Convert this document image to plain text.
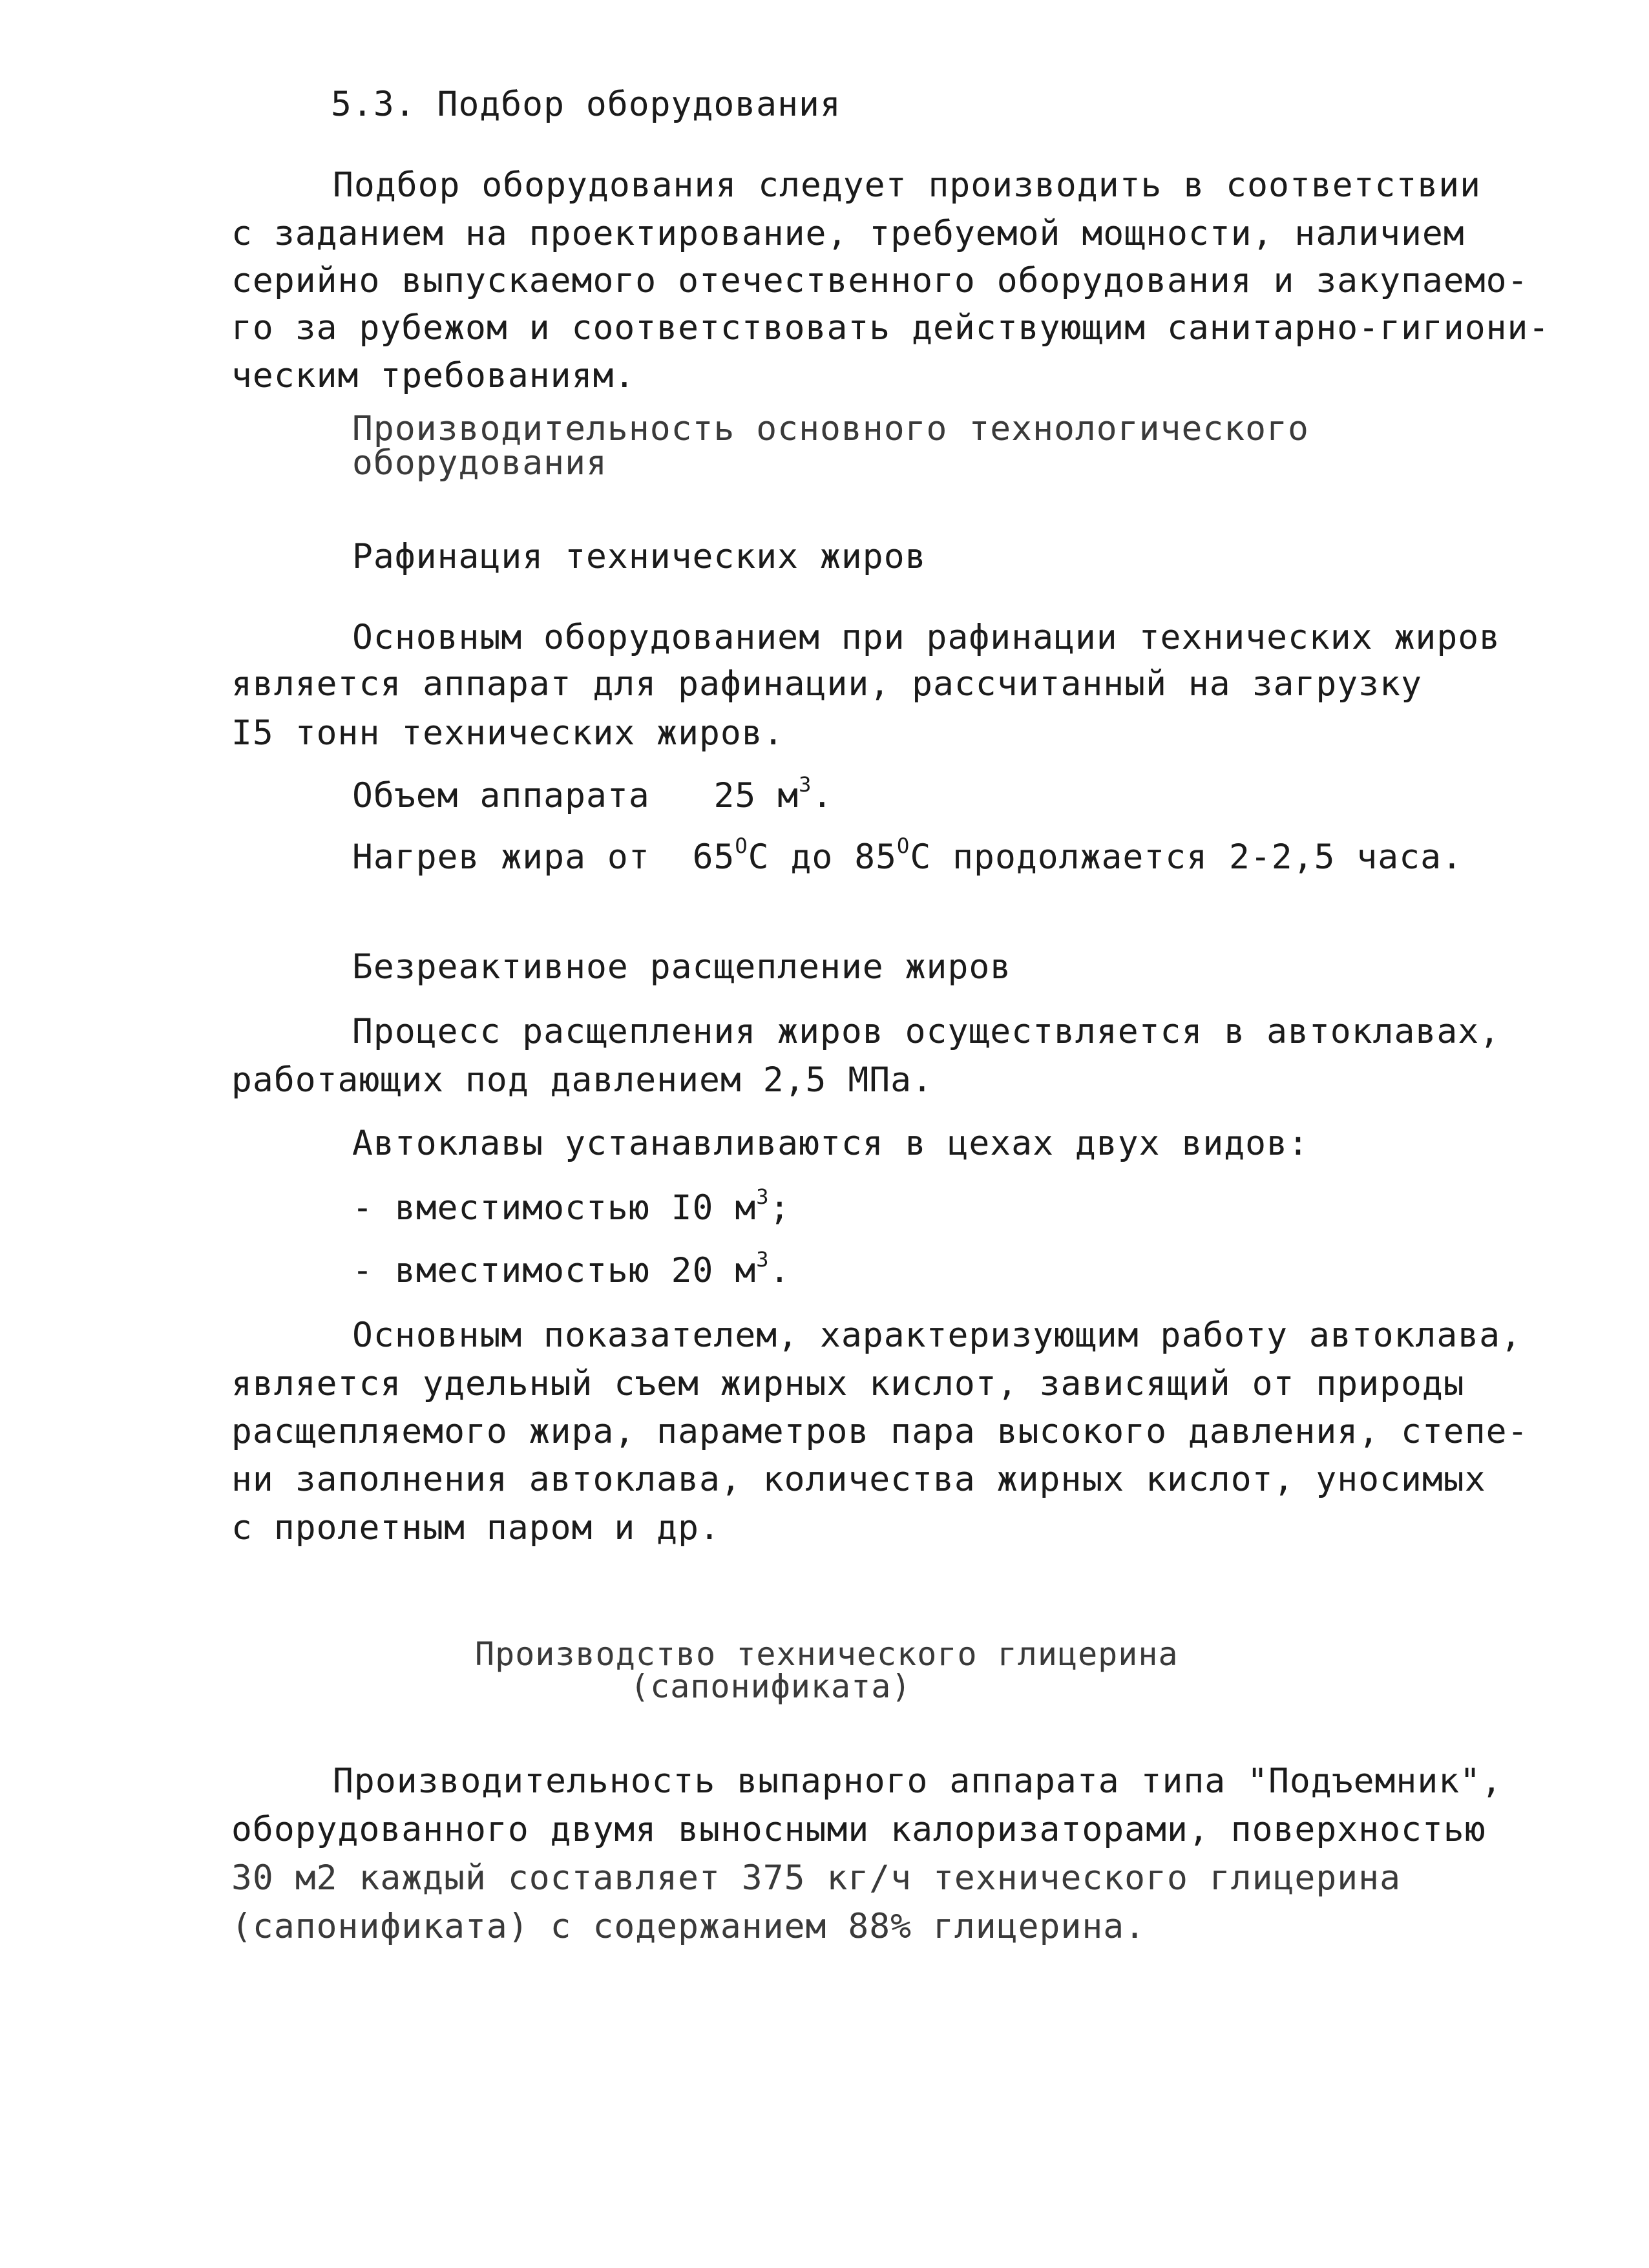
5.3. Подбор оборудования
Подбор оборудования следует производить в соответствии
с заданием на проектирование, требуемой мощности, наличием
серийно выпускаемого отечественного оборудования и закупаемо-
го за рубежом и соответствовать действующим санитарно-гигиони-
ческим требованиям.
Производительность основного технологического
оборудования
Рафинация технических жиров
Основным оборудованием при рафинации технических жиров
является аппарат для рафинации, рассчитанный на загрузку
I5 тонн технических жиров.
Объем аппарата 25 $м^3$.
Нагрев жира от $65^OC$ до $85^OC$ продолжается 2-2,5 часа.
Безреактивное расщепление жиров
Процесс расщепления жиров осуществляется в автоклавах,
работающих под давлением 2,5 МПа.
Автоклавы устанавливаются в цехах двух видов:
- вместимостью I0 $м^3$;
- вместимостью 20 $м^3$.
Основным показателем, характеризующим работу автоклава,
является удельный съем жирных кислот, зависящий от природы
расщепляемого жира, параметров пара высокого давления, степе-
ни заполнения автоклава, количества жирных кислот, уносимых
с пролетным паром и др.
Производство технического глицерина
(сапонификата)
Производительность выпарного аппарата типа "Подъемник",
оборудованного двумя выносными калоризаторами, поверхностью
30 м2 каждый составляет 375 кг/ч технического глицерина
(сапонификата) с содержанием 88% глицерина.
